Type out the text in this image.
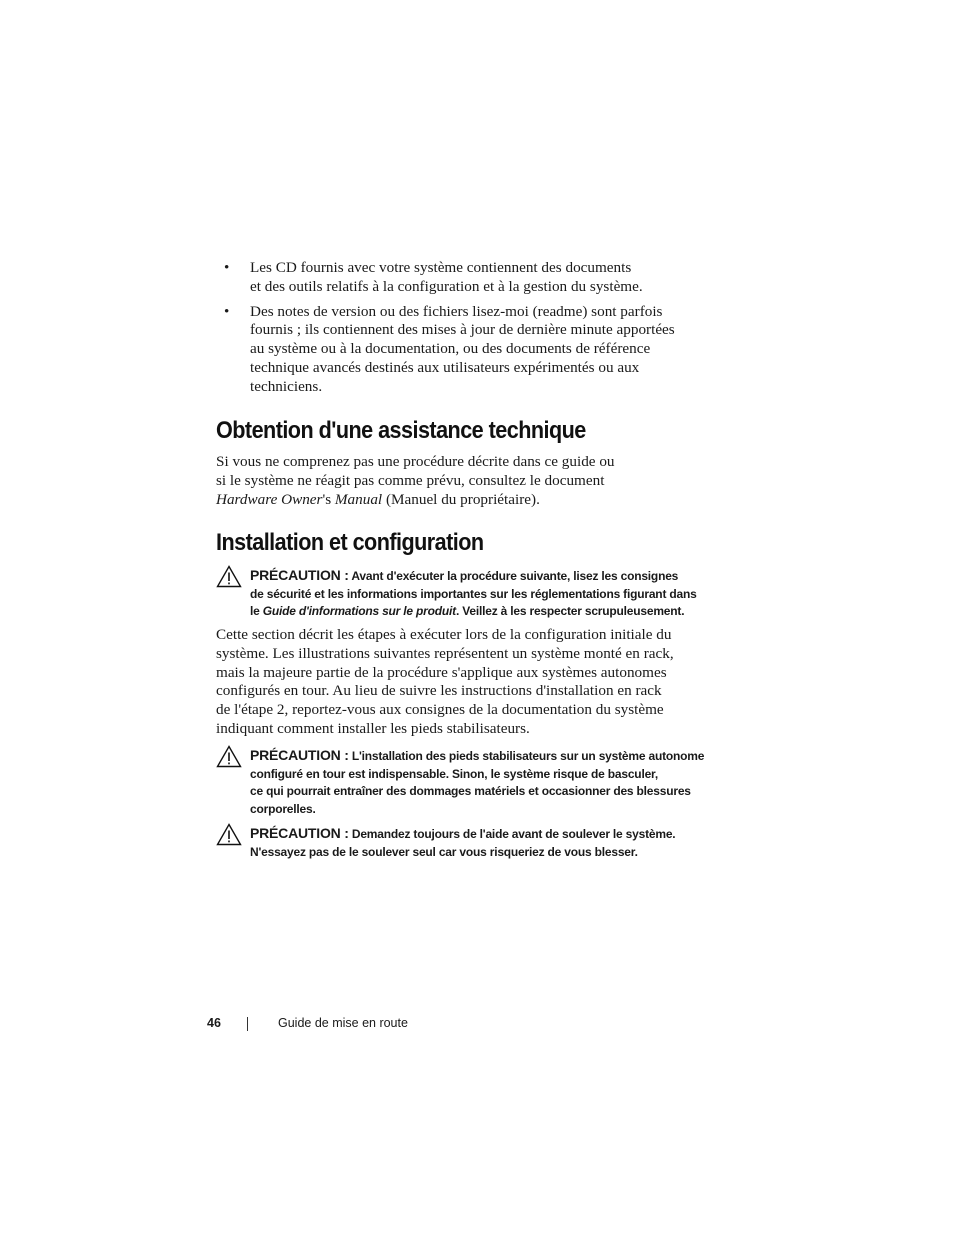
• Les CD fournis avec votre système contiennent des documents
et des outils relatifs à la configuration et à la gestion du système.
• Des notes de version ou des fichiers lisez-moi (readme) sont parfois
fournis ; ils contiennent des mises à jour de dernière minute apportées
au système ou à la documentation, ou des documents de référence
technique avancés destinés aux utilisateurs expérimentés ou aux
techniciens.
Obtention d'une assistance technique
Si vous ne comprenez pas une procédure décrite dans ce guide ou
si le système ne réagit pas comme prévu, consultez le document
Hardware Owner's Manual (Manuel du propriétaire).
Installation et configuration
PRÉCAUTION : Avant d'exécuter la procédure suivante, lisez les consignes
de sécurité et les informations importantes sur les réglementations figurant dans
le Guide d'informations sur le produit. Veillez à les respecter scrupuleusement.
Cette section décrit les étapes à exécuter lors de la configuration initiale du
système. Les illustrations suivantes représentent un système monté en rack,
mais la majeure partie de la procédure s'applique aux systèmes autonomes
configurés en tour. Au lieu de suivre les instructions d'installation en rack
de l'étape 2, reportez-vous aux consignes de la documentation du système
indiquant comment installer les pieds stabilisateurs.
PRÉCAUTION : L'installation des pieds stabilisateurs sur un système autonome
configuré en tour est indispensable. Sinon, le système risque de basculer,
ce qui pourrait entraîner des dommages matériels et occasionner des blessures
corporelles.
PRÉCAUTION : Demandez toujours de l'aide avant de soulever le système.
N'essayez pas de le soulever seul car vous risqueriez de vous blesser.
46	Guide de mise en route
